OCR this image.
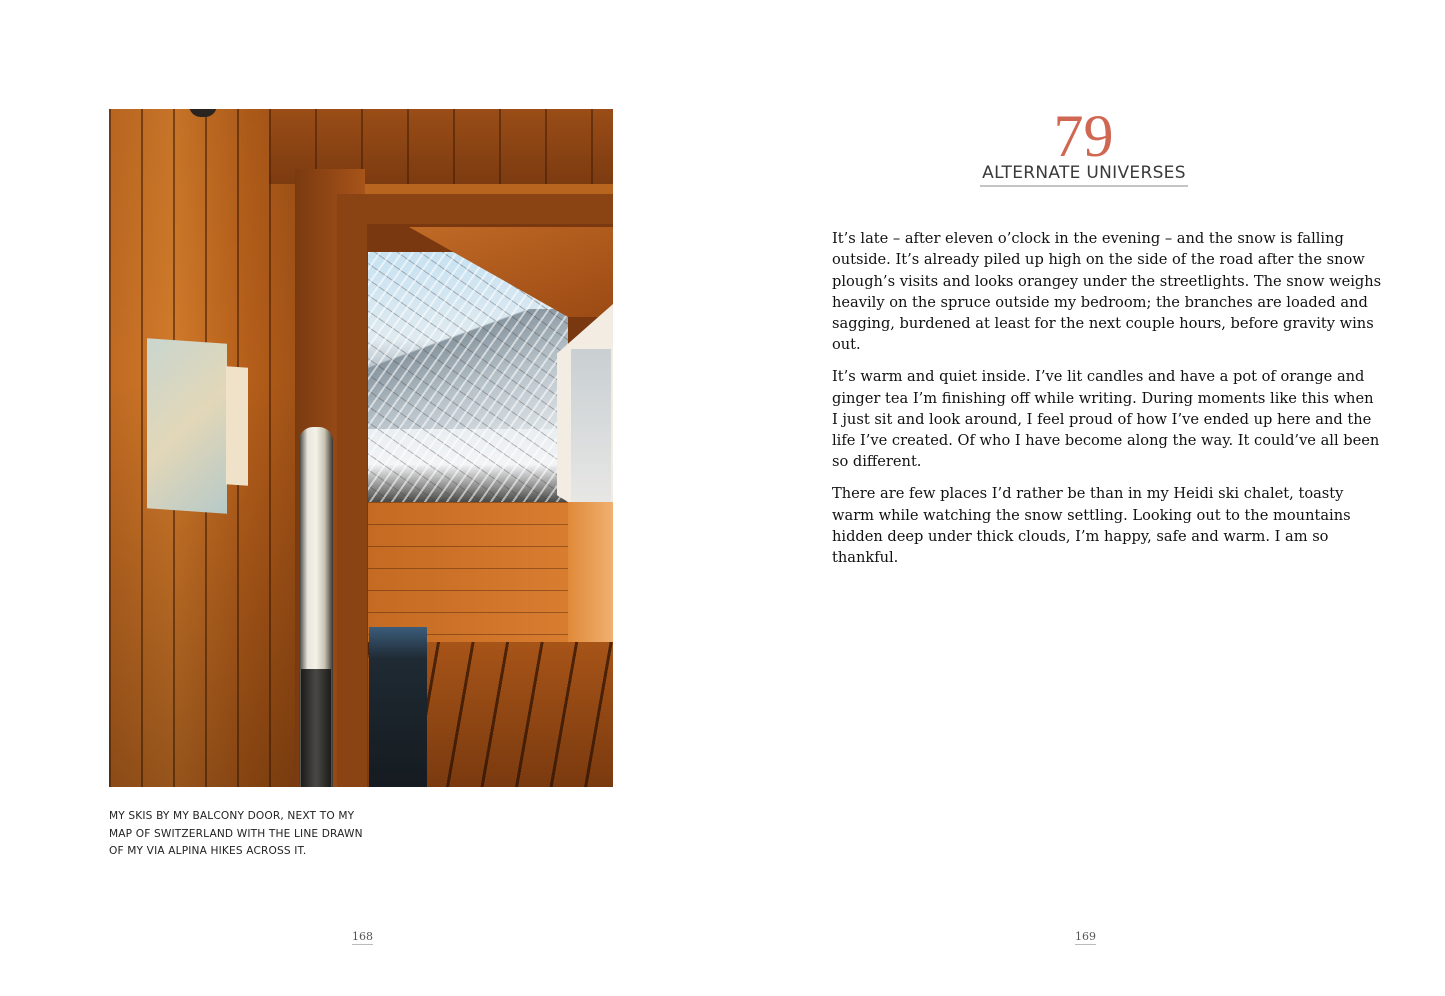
MY SKIS BY MY BALCONY DOOR, NEXT TO MY
MAP OF SWITZERLAND WITH THE LINE DRAWN
OF MY VIA ALPINA HIKES ACROSS IT.
168
79
ALTERNATE UNIVERSES

It’s late – after eleven o’clock in the evening – and the snow is falling
outside. It’s already piled up high on the side of the road after the snow
plough’s visits and looks orangey under the streetlights. The snow weighs
heavily on the spruce outside my bedroom; the branches are loaded and
sagging, burdened at least for the next couple hours, before gravity wins
out.

It’s warm and quiet inside. I’ve lit candles and have a pot of orange and
ginger tea I’m finishing off while writing. During moments like this when
I just sit and look around, I feel proud of how I’ve ended up here and the
life I’ve created. Of who I have become along the way. It could’ve all been
so different.

There are few places I’d rather be than in my Heidi ski chalet, toasty
warm while watching the snow settling. Looking out to the mountains
hidden deep under thick clouds, I’m happy, safe and warm. I am so
thankful.

169
